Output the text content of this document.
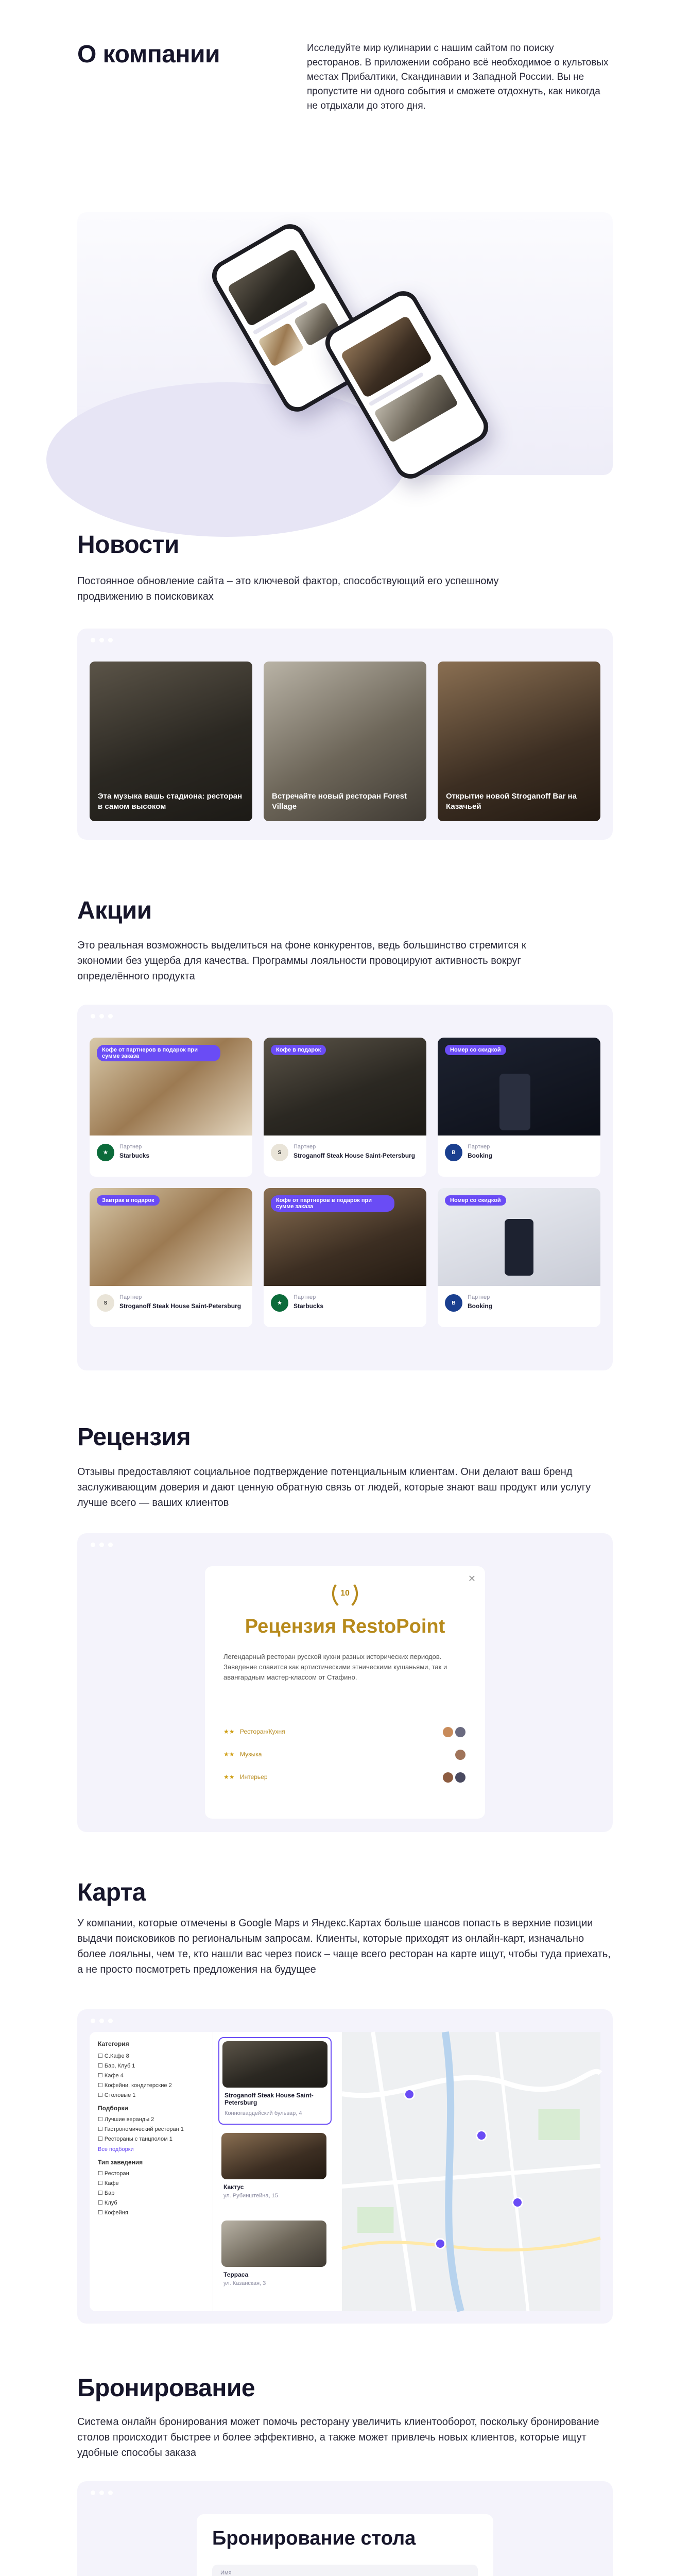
О компании	Исследуйте мир кулинарии с нашим сайтом по поиску ресторанов. В приложении собрано всё необходимое о культовых местах Прибалтики, Скандинавии и Западной России. Вы не пропустите ни одного события и сможете отдохнуть, как никогда не отдыхали до этого дня.
Новости
Постоянное обновление сайта – это ключевой фактор, способствующий его успешному продвижению в поисковиках
Эта музыка вашь стадиона: ресторан в самом высоком
Встречайте новый ресторан Forest Village
Открытие новой Stroganoff Bar на Казачьей
Акции
Это реальная возможность выделиться на фоне конкурентов, ведь большинство стремится к экономии без ущерба для качества. Программы лояльности провоцируют активность вокруг определённого продукта
Кофе от партнеров в подарок при сумме заказа
★
Партнер
Starbucks
Кофе в подарок
S
Партнер
Stroganoff Steak House Saint-Petersburg
Номер со скидкой
B
Партнер
Booking
Завтрак в подарок
S
Партнер
Stroganoff Steak House Saint-Petersburg
Кофе от партнеров в подарок при сумме заказа
★
Партнер
Starbucks
Номер со скидкой
B
Партнер
Booking
Рецензия
Отзывы предоставляют социальное подтверждение потенциальным клиентам. Они делают ваш бренд заслуживающим доверия и дают ценную обратную связь от людей, которые знают ваш продукт или услугу лучше всего — ваших клиентов
✕
10
Рецензия RestoPoint
Легендарный ресторан русской кухни разных исторических периодов. Заведение славится как артистическими этническими кушаньями, так и авангардным мастер-классом от Стафино.
★★ Ресторан/Кухня
★★ Музыка
★★ Интерьер
Карта
У компании, которые отмечены в Google Maps и Яндекс.Картах больше шансов попасть в верхние позиции выдачи поисковиков по региональным запросам. Клиенты, которые приходят из онлайн-карт, изначально более лояльны, чем те, кто нашли вас через поиск – чаще всего ресторан на карте ищут, чтобы туда приехать, а не просто посмотреть предложения на будущее
Категория
☐ С.Кафе 8
☐ Бар, Клуб 1
☐ Кафе 4
☐ Кофейни, кондитерские 2
☐ Столовые 1
Подборки
☐ Лучшие веранды 2
☐ Гастрономический ресторан 1
☐ Рестораны с танцполом 1
Все подборки
Тип заведения
☐ Ресторан
☐ Кафе
☐ Бар
☐ Клуб
☐ Кофейня
Stroganoff Steak House Saint-Petersburg
Конногвардейский бульвар, 4
Кактус
ул. Рубинштейна, 15
Терраса
ул. Казанская, 3
Бронирование
Система онлайн бронирования может помочь ресторану увеличить клиентооборот, поскольку бронирование столов происходит быстрее и более эффективно, а также может привлечь новых клиентов, которые ищут удобные способы заказа
Бронирование стола
Имя
